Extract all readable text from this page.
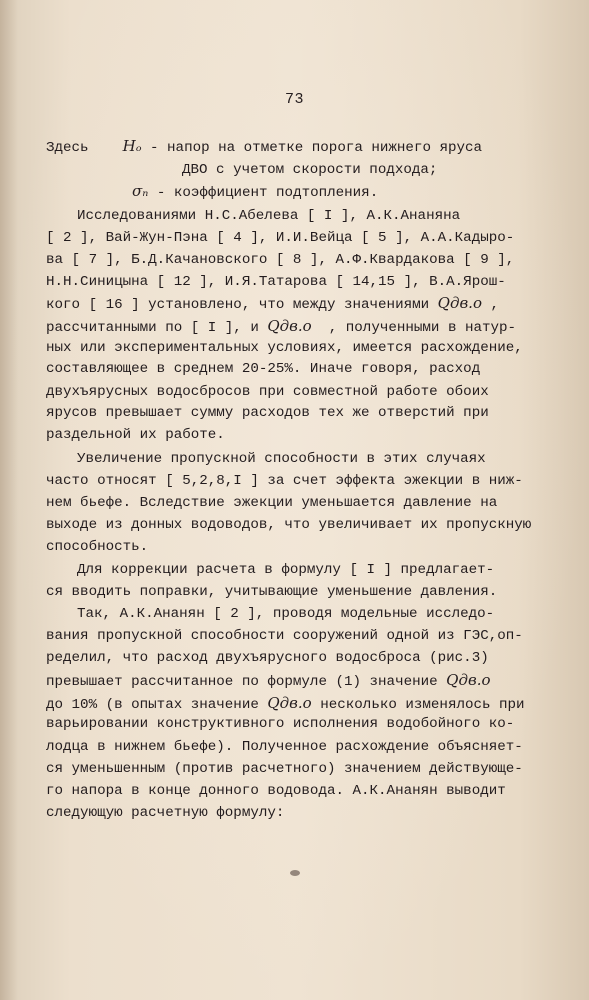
73
Здесь    Hₒ - напор на отметке порога нижнего яруса
ДВО с учетом скорости подхода;
σₙ - коэффициент подтопления.
Исследованиями Н.С.Абелева [ I ], А.К.Ананяна
[ 2 ], Вай-Жун-Пэна [ 4 ], И.И.Вейца [ 5 ], А.А.Кадыро-
ва [ 7 ], Б.Д.Качановского [ 8 ], А.Ф.Квардакова [ 9 ],
Н.Н.Синицына [ 12 ], И.Я.Татарова [ 14,15 ], В.А.Ярош-
кого [ 16 ] установлено, что между значениями Qдв.о ,
рассчитанными по [ I ], и Qдв.о  , полученными в натур-
ных или экспериментальных условиях, имеется расхождение,
составляющее в среднем 20-25%. Иначе говоря, расход
двухъярусных водосбросов при совместной работе обоих
ярусов превышает сумму расходов тех же отверстий при
раздельной их работе.
Увеличение пропускной способности в этих случаях
часто относят [ 5,2,8,I ] за счет эффекта эжекции в ниж-
нем бьефе. Вследствие эжекции уменьшается давление на
выходе из донных водоводов, что увеличивает их пропускную
способность.
Для коррекции расчета в формулу [ I ] предлагает-
ся вводить поправки, учитывающие уменьшение давления.
Так, А.К.Ананян [ 2 ], проводя модельные исследо-
вания пропускной способности сооружений одной из ГЭС,оп-
ределил, что расход двухъярусного водосброса (рис.3)
превышает рассчитанное по формуле (1) значение Qдв.о
до 10% (в опытах значение Qдв.о несколько изменялось при
варьировании конструктивного исполнения водобойного ко-
лодца в нижнем бьефе). Полученное расхождение объясняет-
ся уменьшенным (против расчетного) значением действующе-
го напора в конце донного водовода. А.К.Ананян выводит
следующую расчетную формулу:
